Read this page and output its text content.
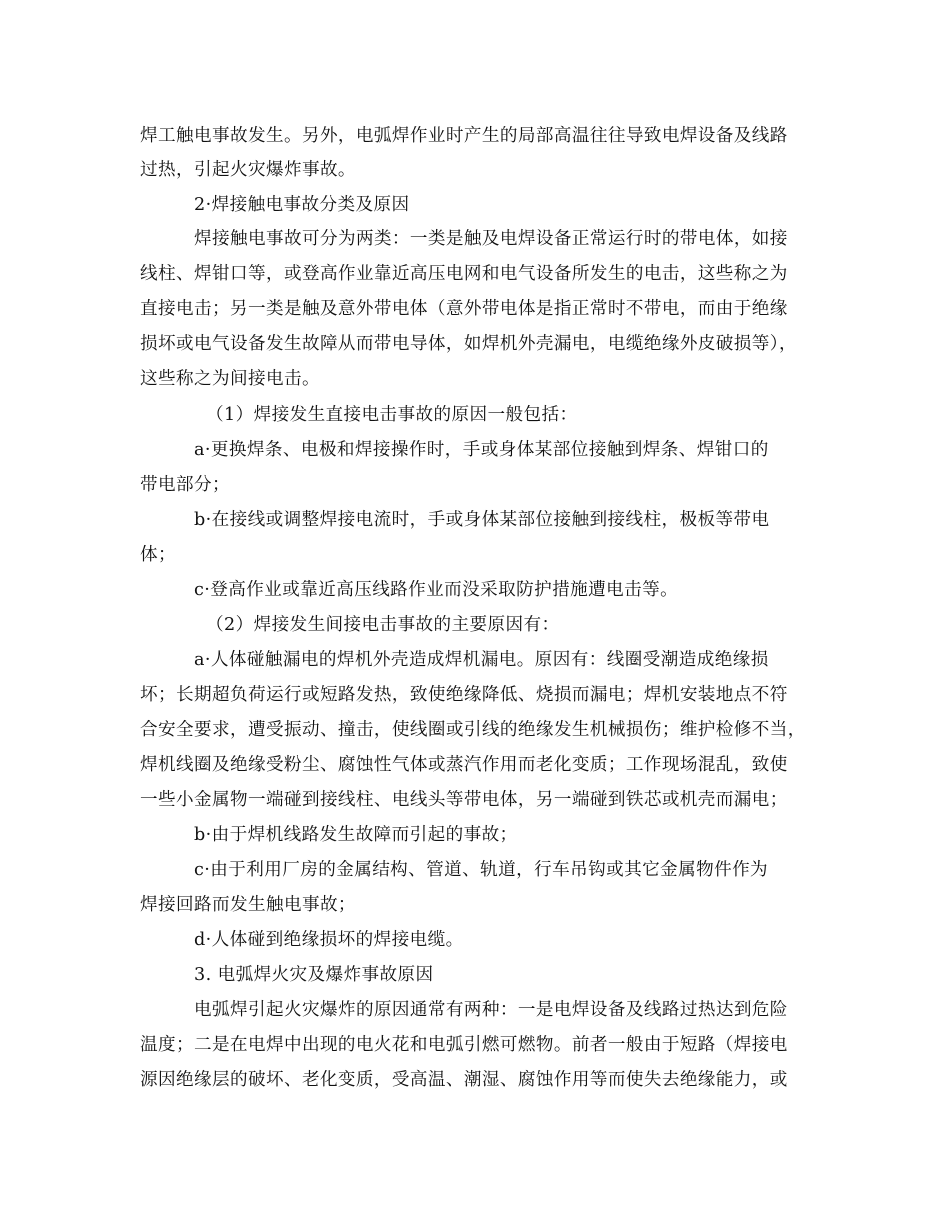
焊工触电事故发生。另外，电弧焊作业时产生的局部高温往往导致电焊设备及线路
过热，引起火灾爆炸事故。
2·焊接触电事故分类及原因
焊接触电事故可分为两类：一类是触及电焊设备正常运行时的带电体，如接
线柱、焊钳口等，或登高作业靠近高压电网和电气设备所发生的电击，这些称之为
直接电击；另一类是触及意外带电体（意外带电体是指正常时不带电，而由于绝缘
损坏或电气设备发生故障从而带电导体，如焊机外壳漏电，电缆绝缘外皮破损等），
这些称之为间接电击。
（1）焊接发生直接电击事故的原因一般包括：
a·更换焊条、电极和焊接操作时，手或身体某部位接触到焊条、焊钳口的
带电部分；
b·在接线或调整焊接电流时，手或身体某部位接触到接线柱，极板等带电
体；
c·登高作业或靠近高压线路作业而没采取防护措施遭电击等。
（2）焊接发生间接电击事故的主要原因有：
a·人体碰触漏电的焊机外壳造成焊机漏电。原因有：线圈受潮造成绝缘损
坏；长期超负荷运行或短路发热，致使绝缘降低、烧损而漏电；焊机安装地点不符
合安全要求，遭受振动、撞击，使线圈或引线的绝缘发生机械损伤；维护检修不当，
焊机线圈及绝缘受粉尘、腐蚀性气体或蒸汽作用而老化变质；工作现场混乱，致使
一些小金属物一端碰到接线柱、电线头等带电体，另一端碰到铁芯或机壳而漏电；
b·由于焊机线路发生故障而引起的事故；
c·由于利用厂房的金属结构、管道、轨道，行车吊钩或其它金属物件作为
焊接回路而发生触电事故；
d·人体碰到绝缘损坏的焊接电缆。
3. 电弧焊火灾及爆炸事故原因
电弧焊引起火灾爆炸的原因通常有两种：一是电焊设备及线路过热达到危险
温度；二是在电焊中出现的电火花和电弧引燃可燃物。前者一般由于短路（焊接电
源因绝缘层的破坏、老化变质，受高温、潮湿、腐蚀作用等而使失去绝缘能力，或
